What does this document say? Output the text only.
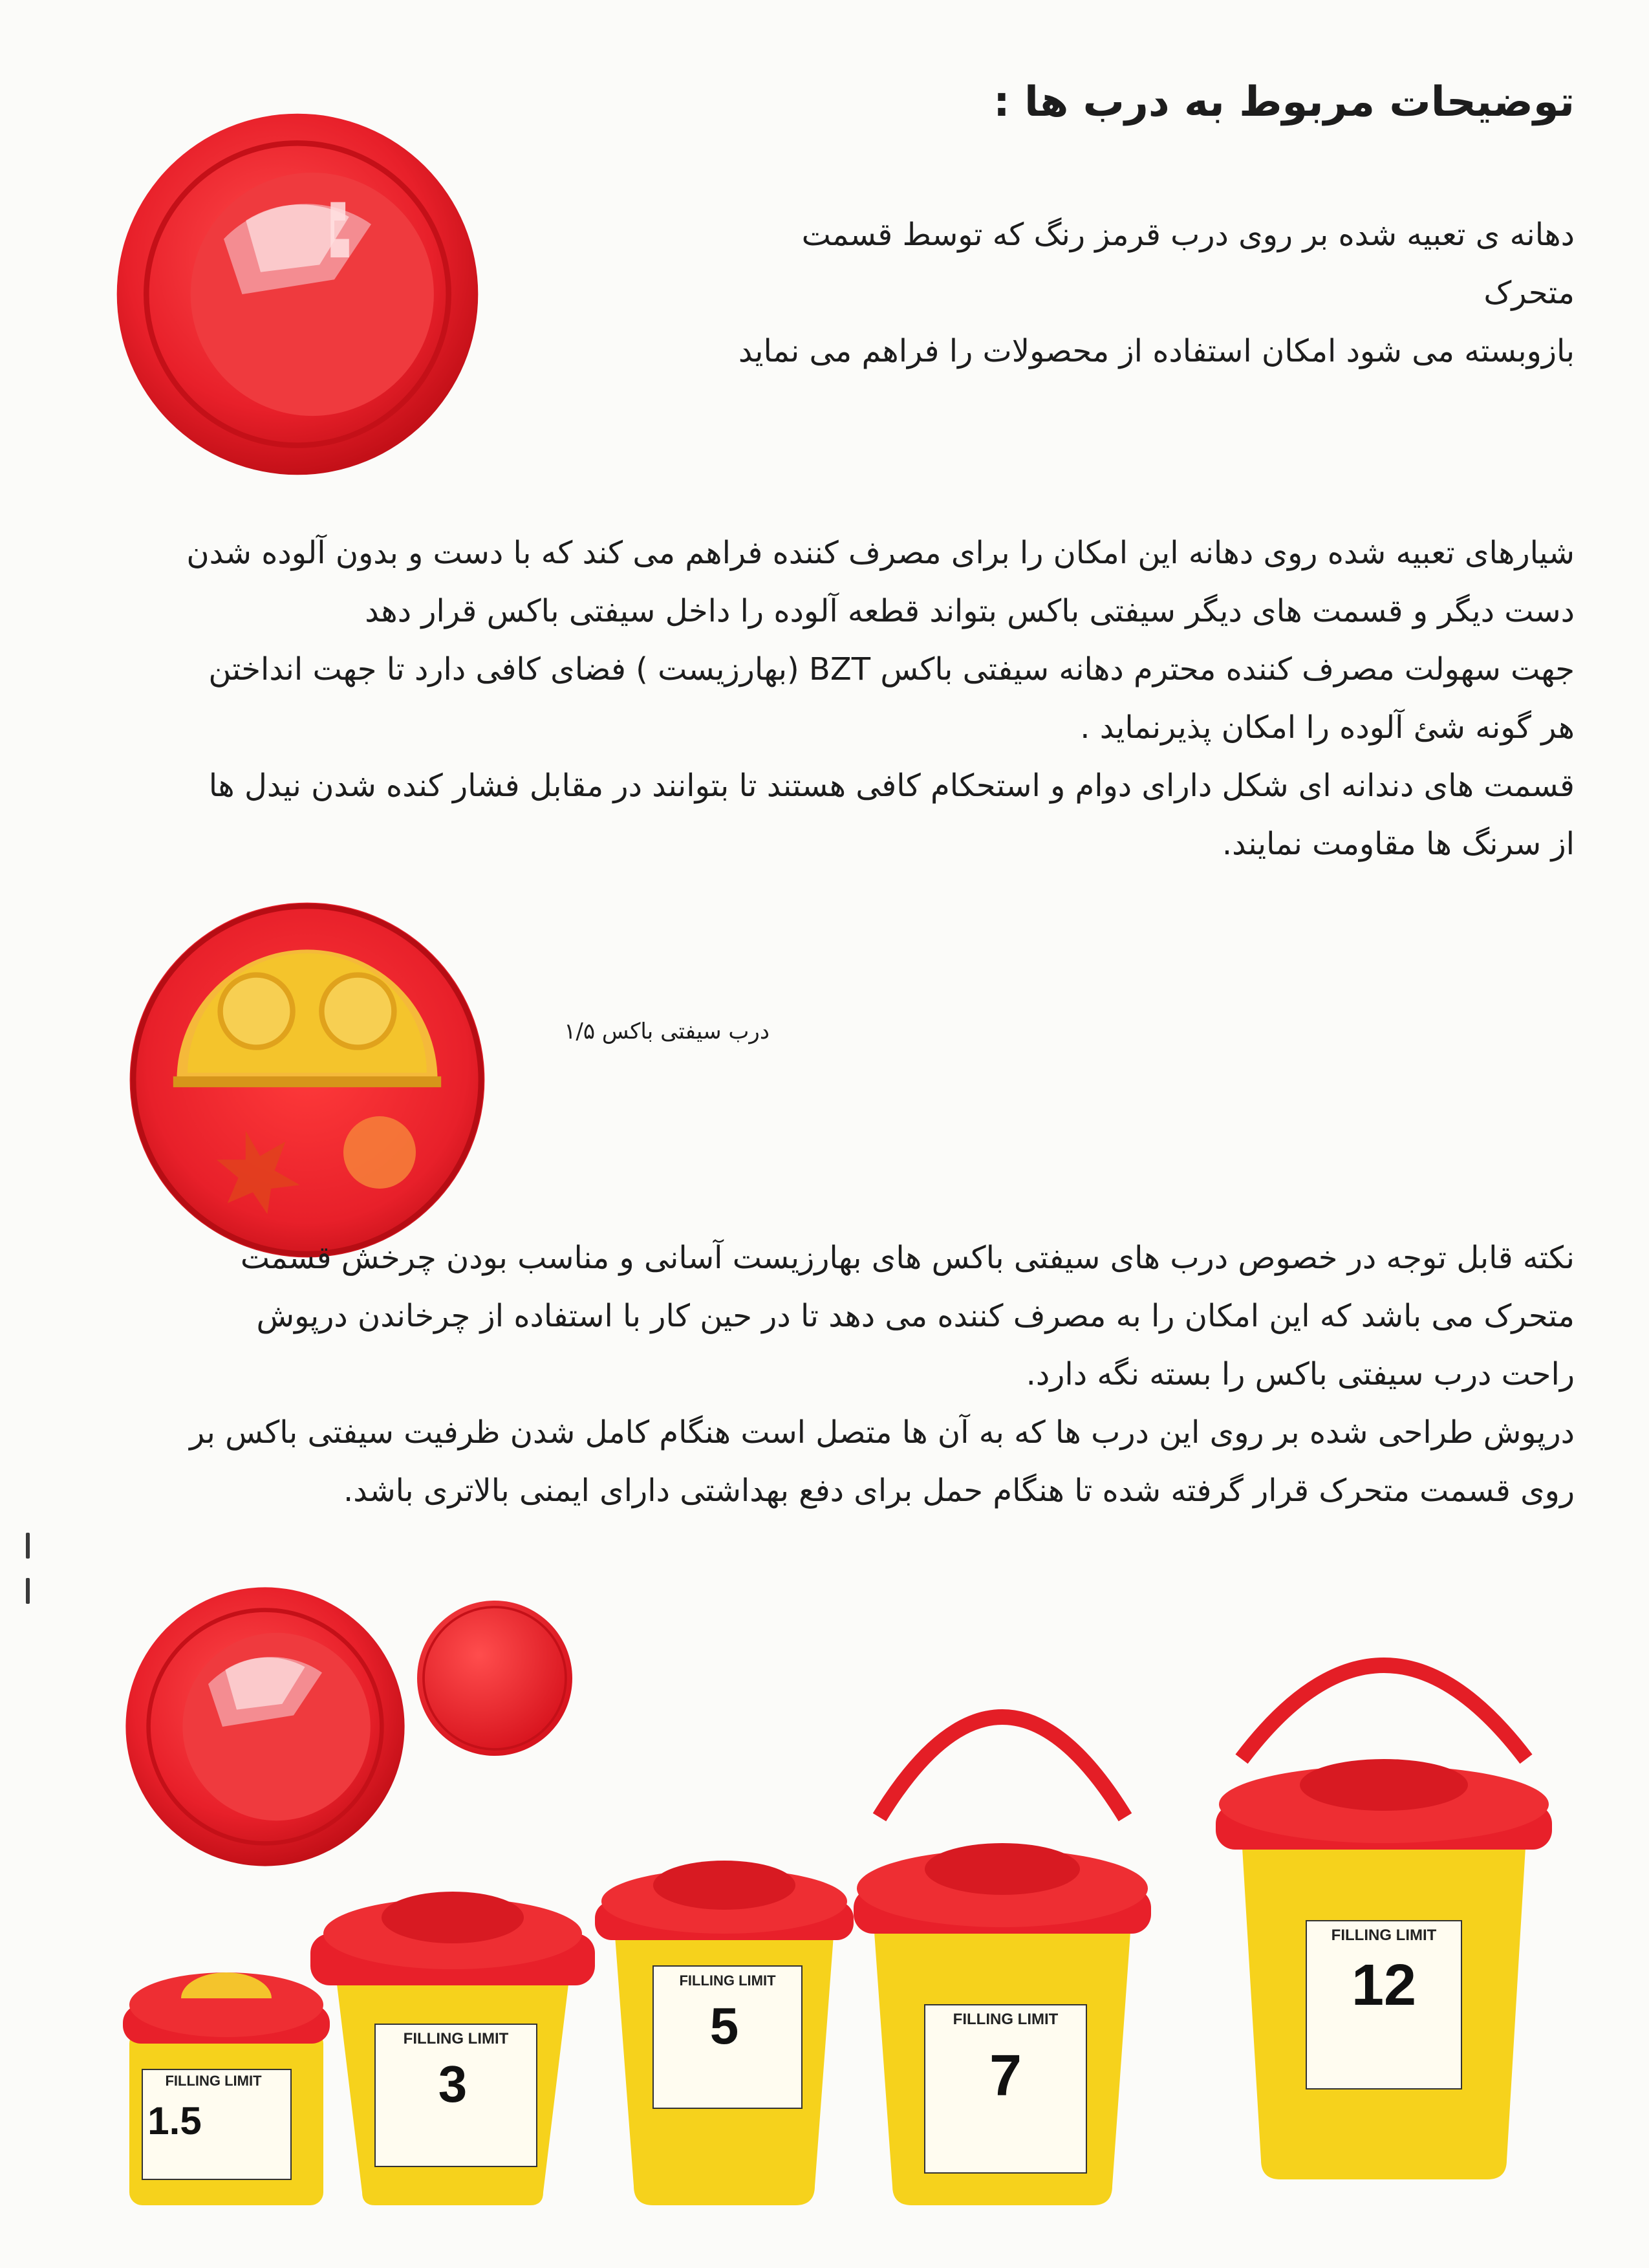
توضیحات مربوط به درب ها :

دهانه ی تعبیه شده بر روی درب قرمز رنگ که توسط قسمت متحرک

بازوبسته می شود امکان استفاده از محصولات را فراهم می نماید

شیارهای تعبیه شده روی دهانه این امکان را برای مصرف کننده فراهم می کند که با دست و بدون آلوده شدن

دست دیگر و قسمت های دیگر سیفتی باکس بتواند قطعه آلوده را داخل سیفتی باکس قرار دهد

جهت سهولت مصرف کننده محترم دهانه سیفتی باکس BZT (بهارزیست ) فضای کافی دارد تا جهت انداختن

هر گونه شئ آلوده را امکان پذیرنماید .

قسمت های دندانه ای شکل دارای دوام و استحکام کافی هستند تا بتوانند در مقابل فشار کنده شدن نیدل ها

از سرنگ ها مقاومت نمایند.

درب سیفتی باکس ۱/۵

نکته قابل توجه در خصوص درب های سیفتی باکس های بهارزیست آسانی و مناسب بودن چرخش قسمت

متحرک می باشد که این امکان را به مصرف کننده می دهد تا در حین کار با استفاده از چرخاندن درپوش

راحت درب سیفتی باکس را بسته نگه دارد.

درپوش طراحی شده بر روی این درب ها که به آن ها متصل است هنگام کامل شدن ظرفیت سیفتی باکس بر

روی قسمت متحرک قرار گرفته شده تا هنگام حمل برای دفع بهداشتی دارای ایمنی بالاتری باشد.

FILLING LIMIT
1.5
FILLING LIMIT
3
FILLING LIMIT
5	FILLING LIMIT
7
FILLING LIMIT
12
